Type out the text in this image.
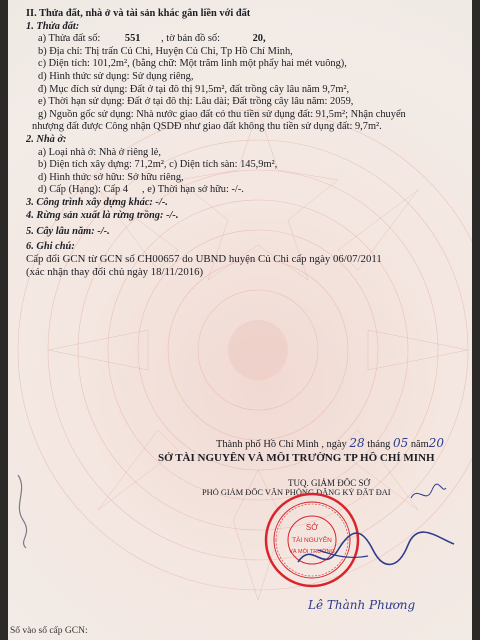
II. Thửa đất, nhà ở và tài sản khác gắn liền với đất
1. Thửa đất:
a) Thửa đất số: 551 , tờ bản đồ số:	20,
b) Địa chỉ: Thị trấn Củ Chi, Huyện Củ Chi, Tp Hồ Chí Minh,
c) Diện tích: 101,2m², (bằng chữ: Một trăm linh một phẩy hai mét vuông),
d) Hình thức sử dụng: Sử dụng riêng,
đ) Mục đích sử dụng: Đất ở tại đô thị 91,5m², đất trồng cây lâu năm 9,7m²,
e) Thời hạn sử dụng: Đất ở tại đô thị: Lâu dài; Đất trồng cây lâu năm: 2059,
g) Nguồn gốc sử dụng: Nhà nước giao đất có thu tiền sử dụng đất: 91,5m²; Nhận chuyển
nhượng đất được Công nhận QSDĐ như giao đất không thu tiền sử dụng đất: 9,7m².
2. Nhà ở:
a) Loại nhà ở: Nhà ở riêng lẻ,
b) Diện tích xây dựng: 71,2m², c) Diện tích sàn: 145,9m²,
d) Hình thức sở hữu: Sở hữu riêng,
d) Cấp (Hạng): Cấp 4 , e) Thời hạn sở hữu: -/-.
3. Công trình xây dựng khác: -/-.
4. Rừng sản xuất là rừng trồng: -/-.
5. Cây lâu năm: -/-.
6. Ghi chú:
Cấp đổi GCN từ GCN số CH00657 do UBND huyện Củ Chi cấp ngày 06/07/2011
(xác nhận thay đổi chủ ngày 18/11/2016)
Thành phố Hồ Chí Minh , ngày 28 tháng 05 năm20
SỞ TÀI NGUYÊN VÀ MÔI TRƯỜNG TP HỒ CHÍ MINH
TUQ. GIÁM ĐỐC SỞ
PHÓ GIÁM ĐỐC VĂN PHÒNG ĐĂNG KÝ ĐẤT ĐAI
Lê Thành Phương
SỞ
TÀI NGUYÊN
VÀ MÔI TRƯỜNG
Số vào sổ cấp GCN:
